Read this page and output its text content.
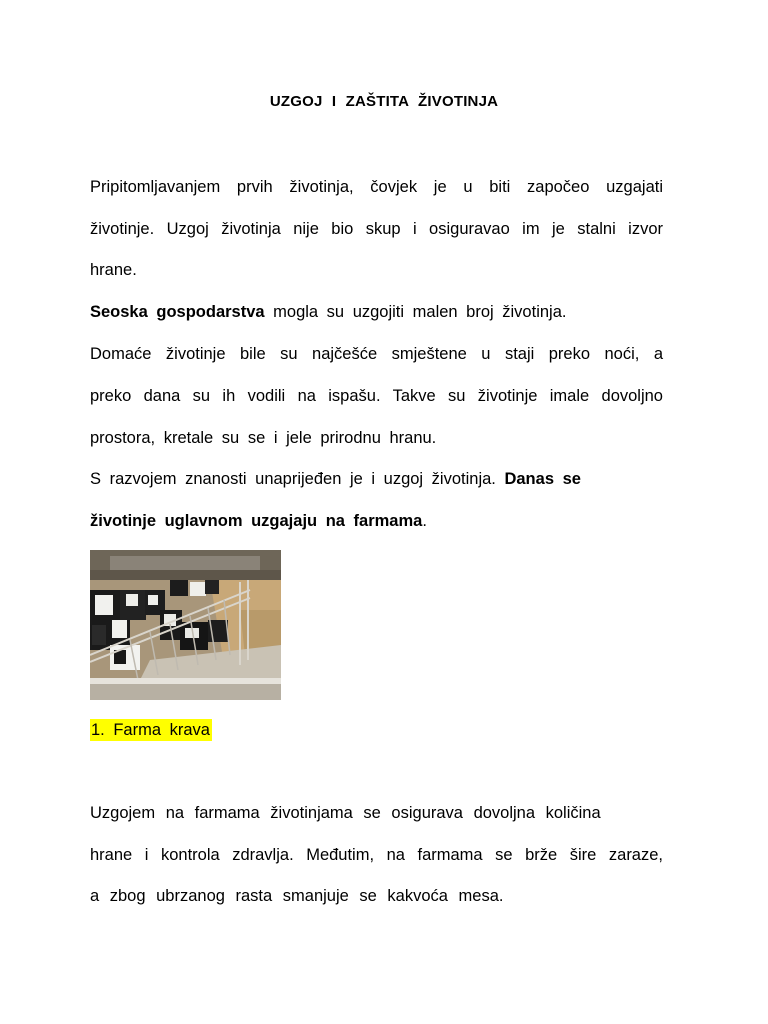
UZGOJ I ZAŠTITA ŽIVOTINJA
Pripitomljavanjem prvih životinja, čovjek je u biti započeo uzgajati
životinje. Uzgoj životinja nije bio skup i osiguravao im je stalni izvor
hrane.
Seoska gospodarstva mogla su uzgojiti malen broj životinja.
Domaće životinje bile su najčešće smještene u staji preko noći, a
preko dana su ih vodili na ispašu. Takve su životinje imale dovoljno
prostora, kretale su se i jele prirodnu hranu.
S razvojem znanosti unaprijeđen je i uzgoj životinja. Danas se
životinje uglavnom uzgajaju na farmama.
1. Farma krava
Uzgojem na farmama životinjama se osigurava dovoljna količina
hrane i kontrola zdravlja. Međutim, na farmama se brže šire zaraze,
a zbog ubrzanog rasta smanjuje se kakvoća mesa.
